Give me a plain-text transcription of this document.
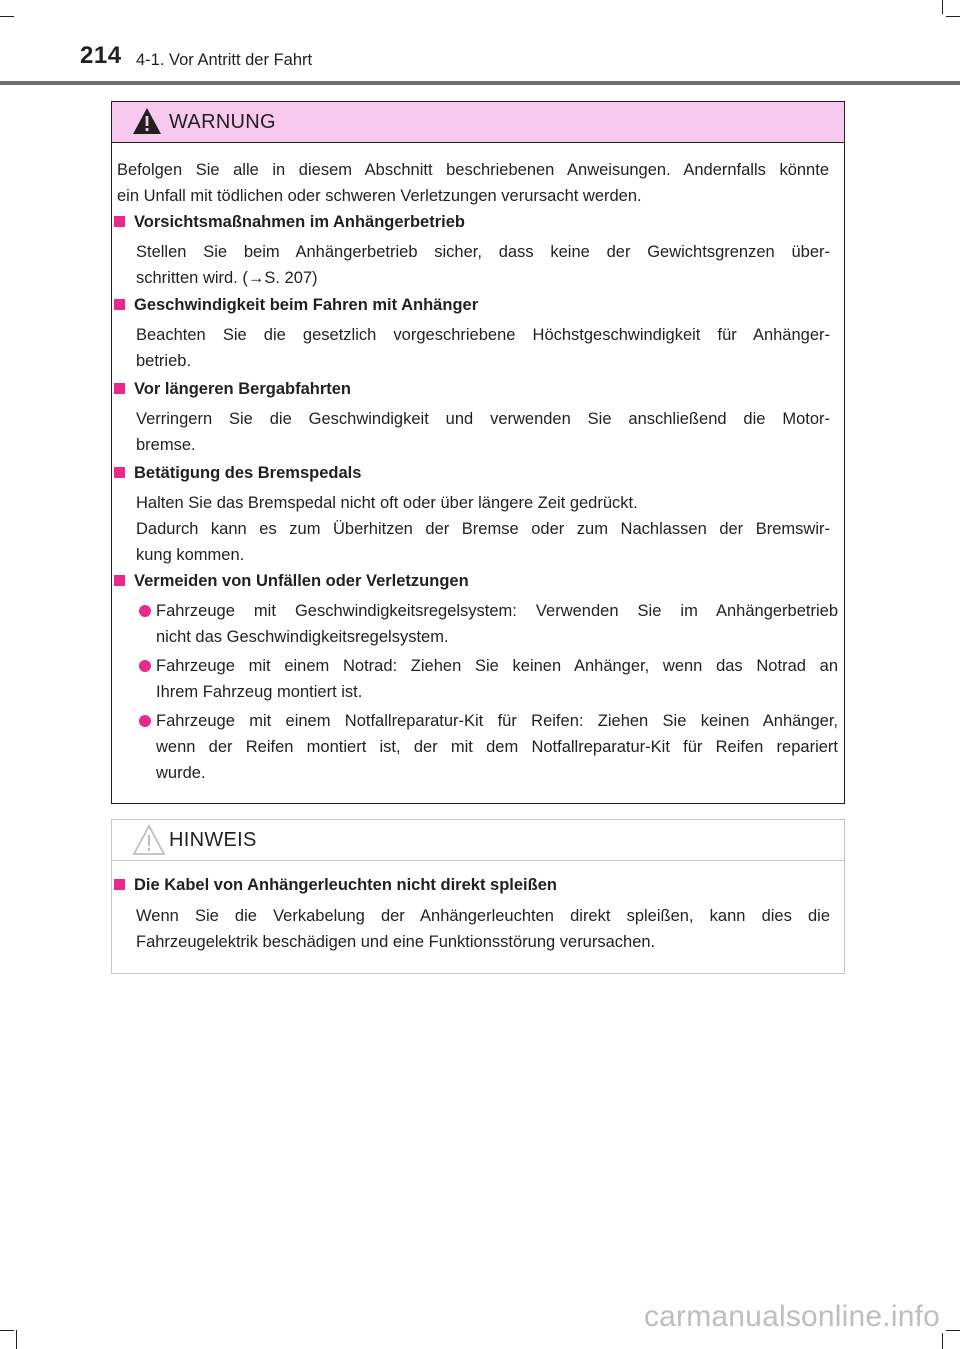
214 4-1. Vor Antritt der Fahrt
WARNUNG
Befolgen Sie alle in diesem Abschnitt beschriebenen Anweisungen. Andernfalls könnte
ein Unfall mit tödlichen oder schweren Verletzungen verursacht werden.
Vorsichtsmaßnahmen im Anhängerbetrieb
Stellen Sie beim Anhängerbetrieb sicher, dass keine der Gewichtsgrenzen über-
schritten wird. (→S. 207)
Geschwindigkeit beim Fahren mit Anhänger
Beachten Sie die gesetzlich vorgeschriebene Höchstgeschwindigkeit für Anhänger-
betrieb.
Vor längeren Bergabfahrten
Verringern Sie die Geschwindigkeit und verwenden Sie anschließend die Motor-
bremse.
Betätigung des Bremspedals
Halten Sie das Bremspedal nicht oft oder über längere Zeit gedrückt.
Dadurch kann es zum Überhitzen der Bremse oder zum Nachlassen der Bremswir-
kung kommen.
Vermeiden von Unfällen oder Verletzungen
Fahrzeuge mit Geschwindigkeitsregelsystem: Verwenden Sie im Anhängerbetrieb
nicht das Geschwindigkeitsregelsystem.
Fahrzeuge mit einem Notrad: Ziehen Sie keinen Anhänger, wenn das Notrad an
Ihrem Fahrzeug montiert ist.
Fahrzeuge mit einem Notfallreparatur-Kit für Reifen: Ziehen Sie keinen Anhänger,
wenn der Reifen montiert ist, der mit dem Notfallreparatur-Kit für Reifen repariert
wurde.
HINWEIS
Die Kabel von Anhängerleuchten nicht direkt spleißen
Wenn Sie die Verkabelung der Anhängerleuchten direkt spleißen, kann dies die
Fahrzeugelektrik beschädigen und eine Funktionsstörung verursachen.
carmanualsonline.info
